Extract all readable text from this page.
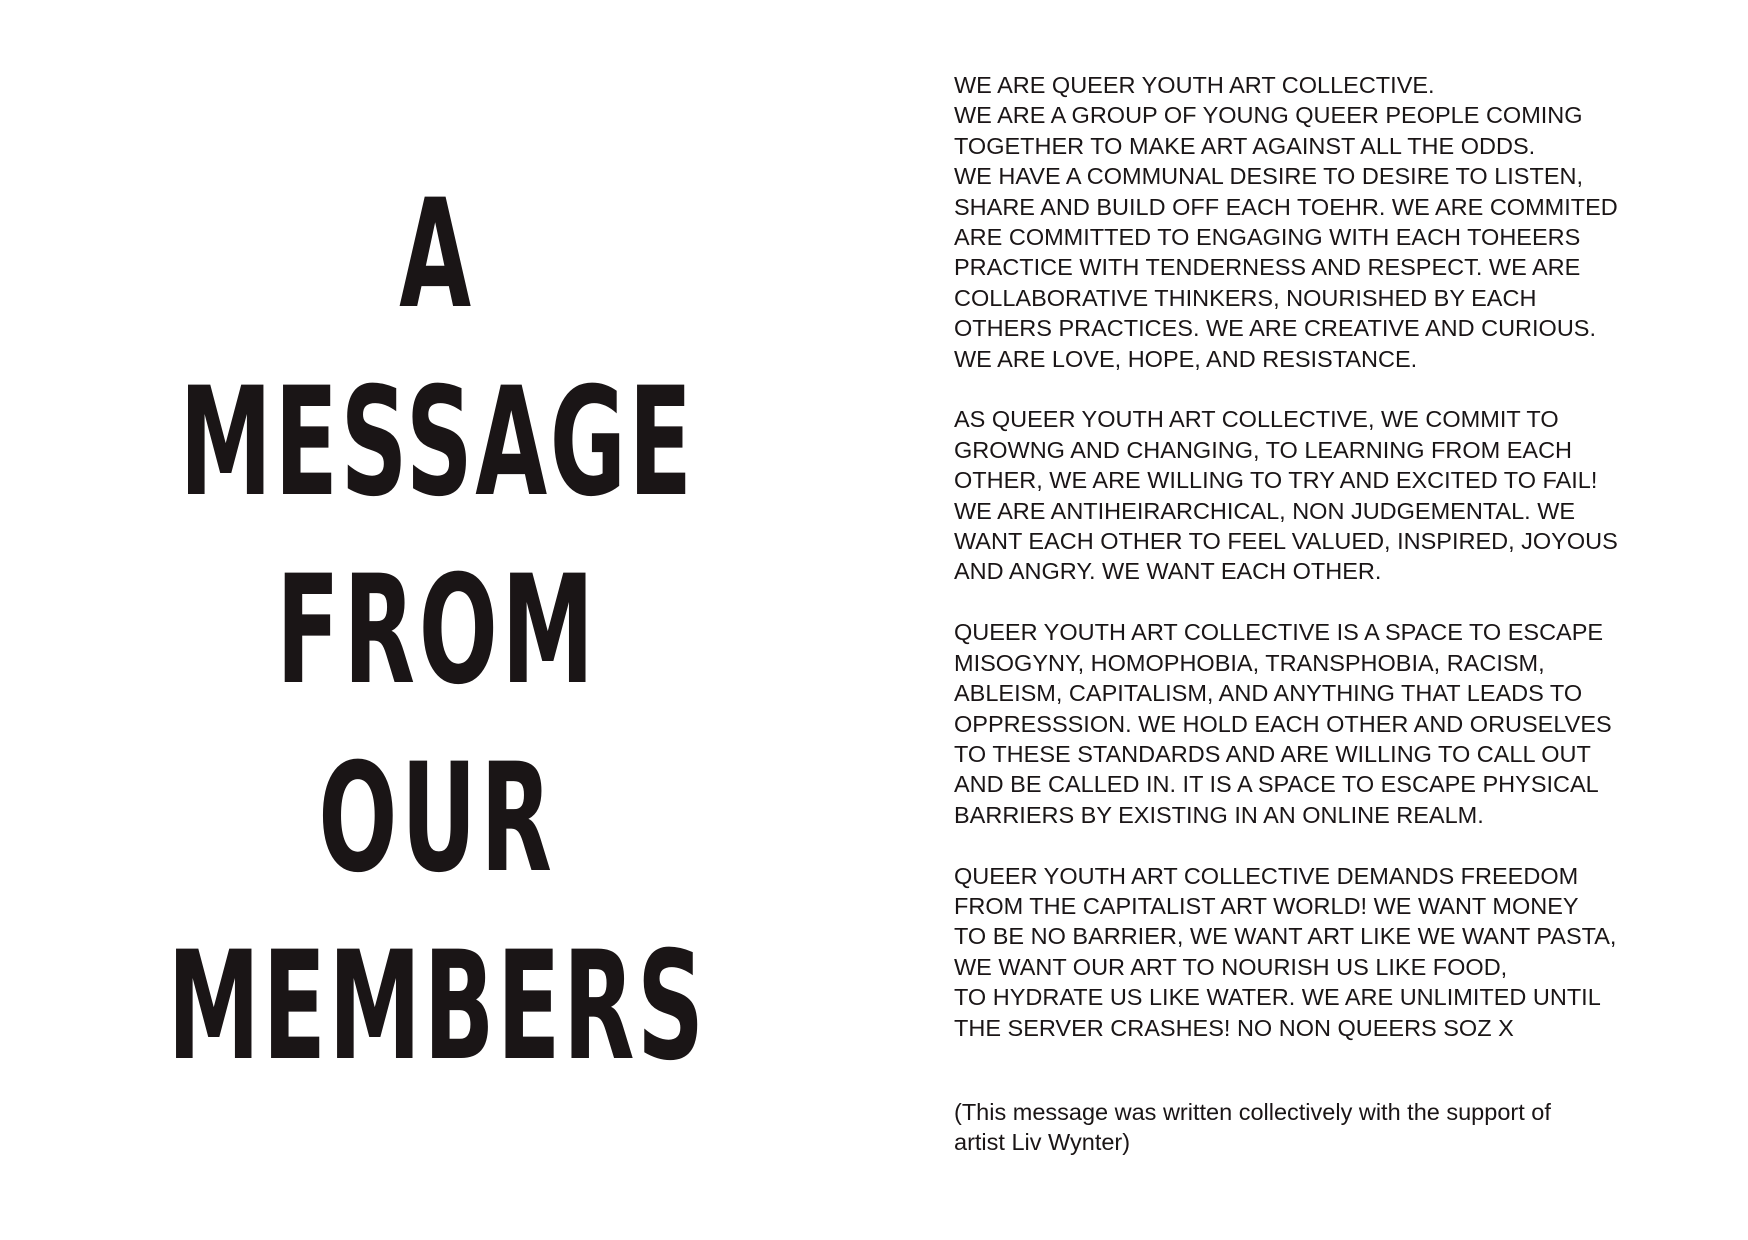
A
MESSAGE
FROM
OUR
MEMBERS

WE ARE QUEER YOUTH ART COLLECTIVE.
WE ARE A GROUP OF YOUNG QUEER PEOPLE COMING
TOGETHER TO MAKE ART AGAINST ALL THE ODDS.
WE HAVE A COMMUNAL DESIRE TO DESIRE TO LISTEN,
SHARE AND BUILD OFF EACH TOEHR. WE ARE COMMITED
ARE COMMITTED TO ENGAGING WITH EACH TOHEERS
PRACTICE WITH TENDERNESS AND RESPECT. WE ARE
COLLABORATIVE THINKERS, NOURISHED BY EACH
OTHERS PRACTICES. WE ARE CREATIVE AND CURIOUS.
WE ARE LOVE, HOPE, AND RESISTANCE.

AS QUEER YOUTH ART COLLECTIVE, WE COMMIT TO
GROWNG AND CHANGING, TO LEARNING FROM EACH
OTHER, WE ARE WILLING TO TRY AND EXCITED TO FAIL!
WE ARE ANTIHEIRARCHICAL, NON JUDGEMENTAL. WE
WANT EACH OTHER TO FEEL VALUED, INSPIRED, JOYOUS
AND ANGRY. WE WANT EACH OTHER.

QUEER YOUTH ART COLLECTIVE IS A SPACE TO ESCAPE
MISOGYNY, HOMOPHOBIA, TRANSPHOBIA, RACISM,
ABLEISM, CAPITALISM, AND ANYTHING THAT LEADS TO
OPPRESSSION. WE HOLD EACH OTHER AND ORUSELVES
TO THESE STANDARDS AND ARE WILLING TO CALL OUT
AND BE CALLED IN. IT IS A SPACE TO ESCAPE PHYSICAL
BARRIERS BY EXISTING IN AN ONLINE REALM.

QUEER YOUTH ART COLLECTIVE DEMANDS FREEDOM
FROM THE CAPITALIST ART WORLD! WE WANT MONEY
TO BE NO BARRIER, WE WANT ART LIKE WE WANT PASTA,
WE WANT OUR ART TO NOURISH US LIKE FOOD,
TO HYDRATE US LIKE WATER. WE ARE UNLIMITED UNTIL
THE SERVER CRASHES! NO NON QUEERS SOZ X

(This message was written collectively with the support of
artist Liv Wynter)
